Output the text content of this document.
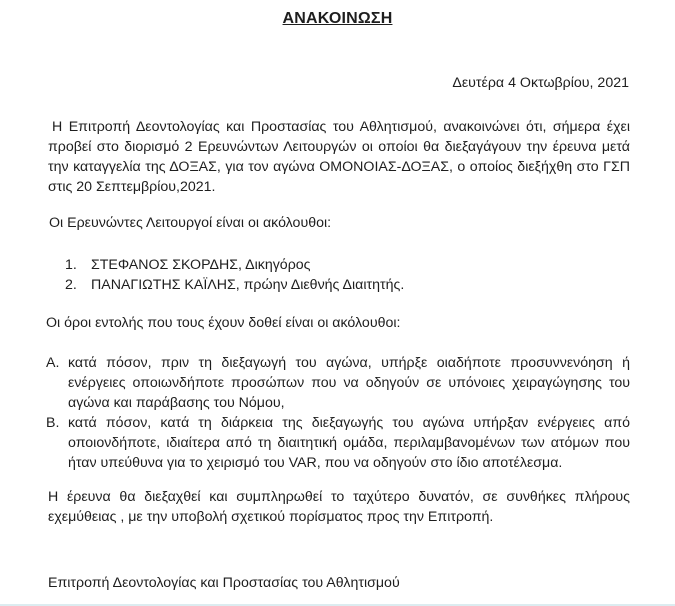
ΑΝΑΚΟΙΝΩΣΗ
Δευτέρα 4 Οκτωβρίου, 2021
Η Επιτροπή Δεοντολογίας και Προστασίας του Αθλητισμού, ανακοινώνει ότι, σήμερα έχει προβεί στο διορισμό 2 Ερευνώντων Λειτουργών οι οποίοι θα διεξαγάγουν την έρευνα μετά την καταγγελία της ΔΟΞΑΣ, για τον αγώνα ΟΜΟΝΟΙΑΣ-ΔΟΞΑΣ, ο οποίος διεξήχθη στο ΓΣΠ στις 20 Σεπτεμβρίου,2021.
Οι Ερευνώντες Λειτουργοί είναι οι ακόλουθοι:
1. ΣΤΕΦΑΝΟΣ ΣΚΟΡΔΗΣ, Δικηγόρος
2. ΠΑΝΑΓΙΩΤΗΣ ΚΑΪΛΗΣ, πρώην Διεθνής Διαιτητής.
Οι όροι εντολής που τους έχουν δοθεί είναι οι ακόλουθοι:
A. κατά πόσον, πριν τη διεξαγωγή του αγώνα, υπήρξε οιαδήποτε προσυννενόηση ή ενέργειες οποιωνδήποτε προσώπων που να οδηγούν σε υπόνοιες χειραγώγησης του αγώνα και παράβασης του Νόμου,
B. κατά πόσον, κατά τη διάρκεια της διεξαγωγής του αγώνα υπήρξαν ενέργειες από οποιονδήποτε, ιδιαίτερα από τη διαιτητική ομάδα, περιλαμβανομένων των ατόμων που ήταν υπεύθυνα για το χειρισμό του VAR, που να οδηγούν στο ίδιο αποτέλεσμα.
Η έρευνα θα διεξαχθεί και συμπληρωθεί το ταχύτερο δυνατόν, σε συνθήκες πλήρους εχεμύθειας , με την υποβολή σχετικού πορίσματος προς την Επιτροπή.
Επιτροπή Δεοντολογίας και Προστασίας του Αθλητισμού
